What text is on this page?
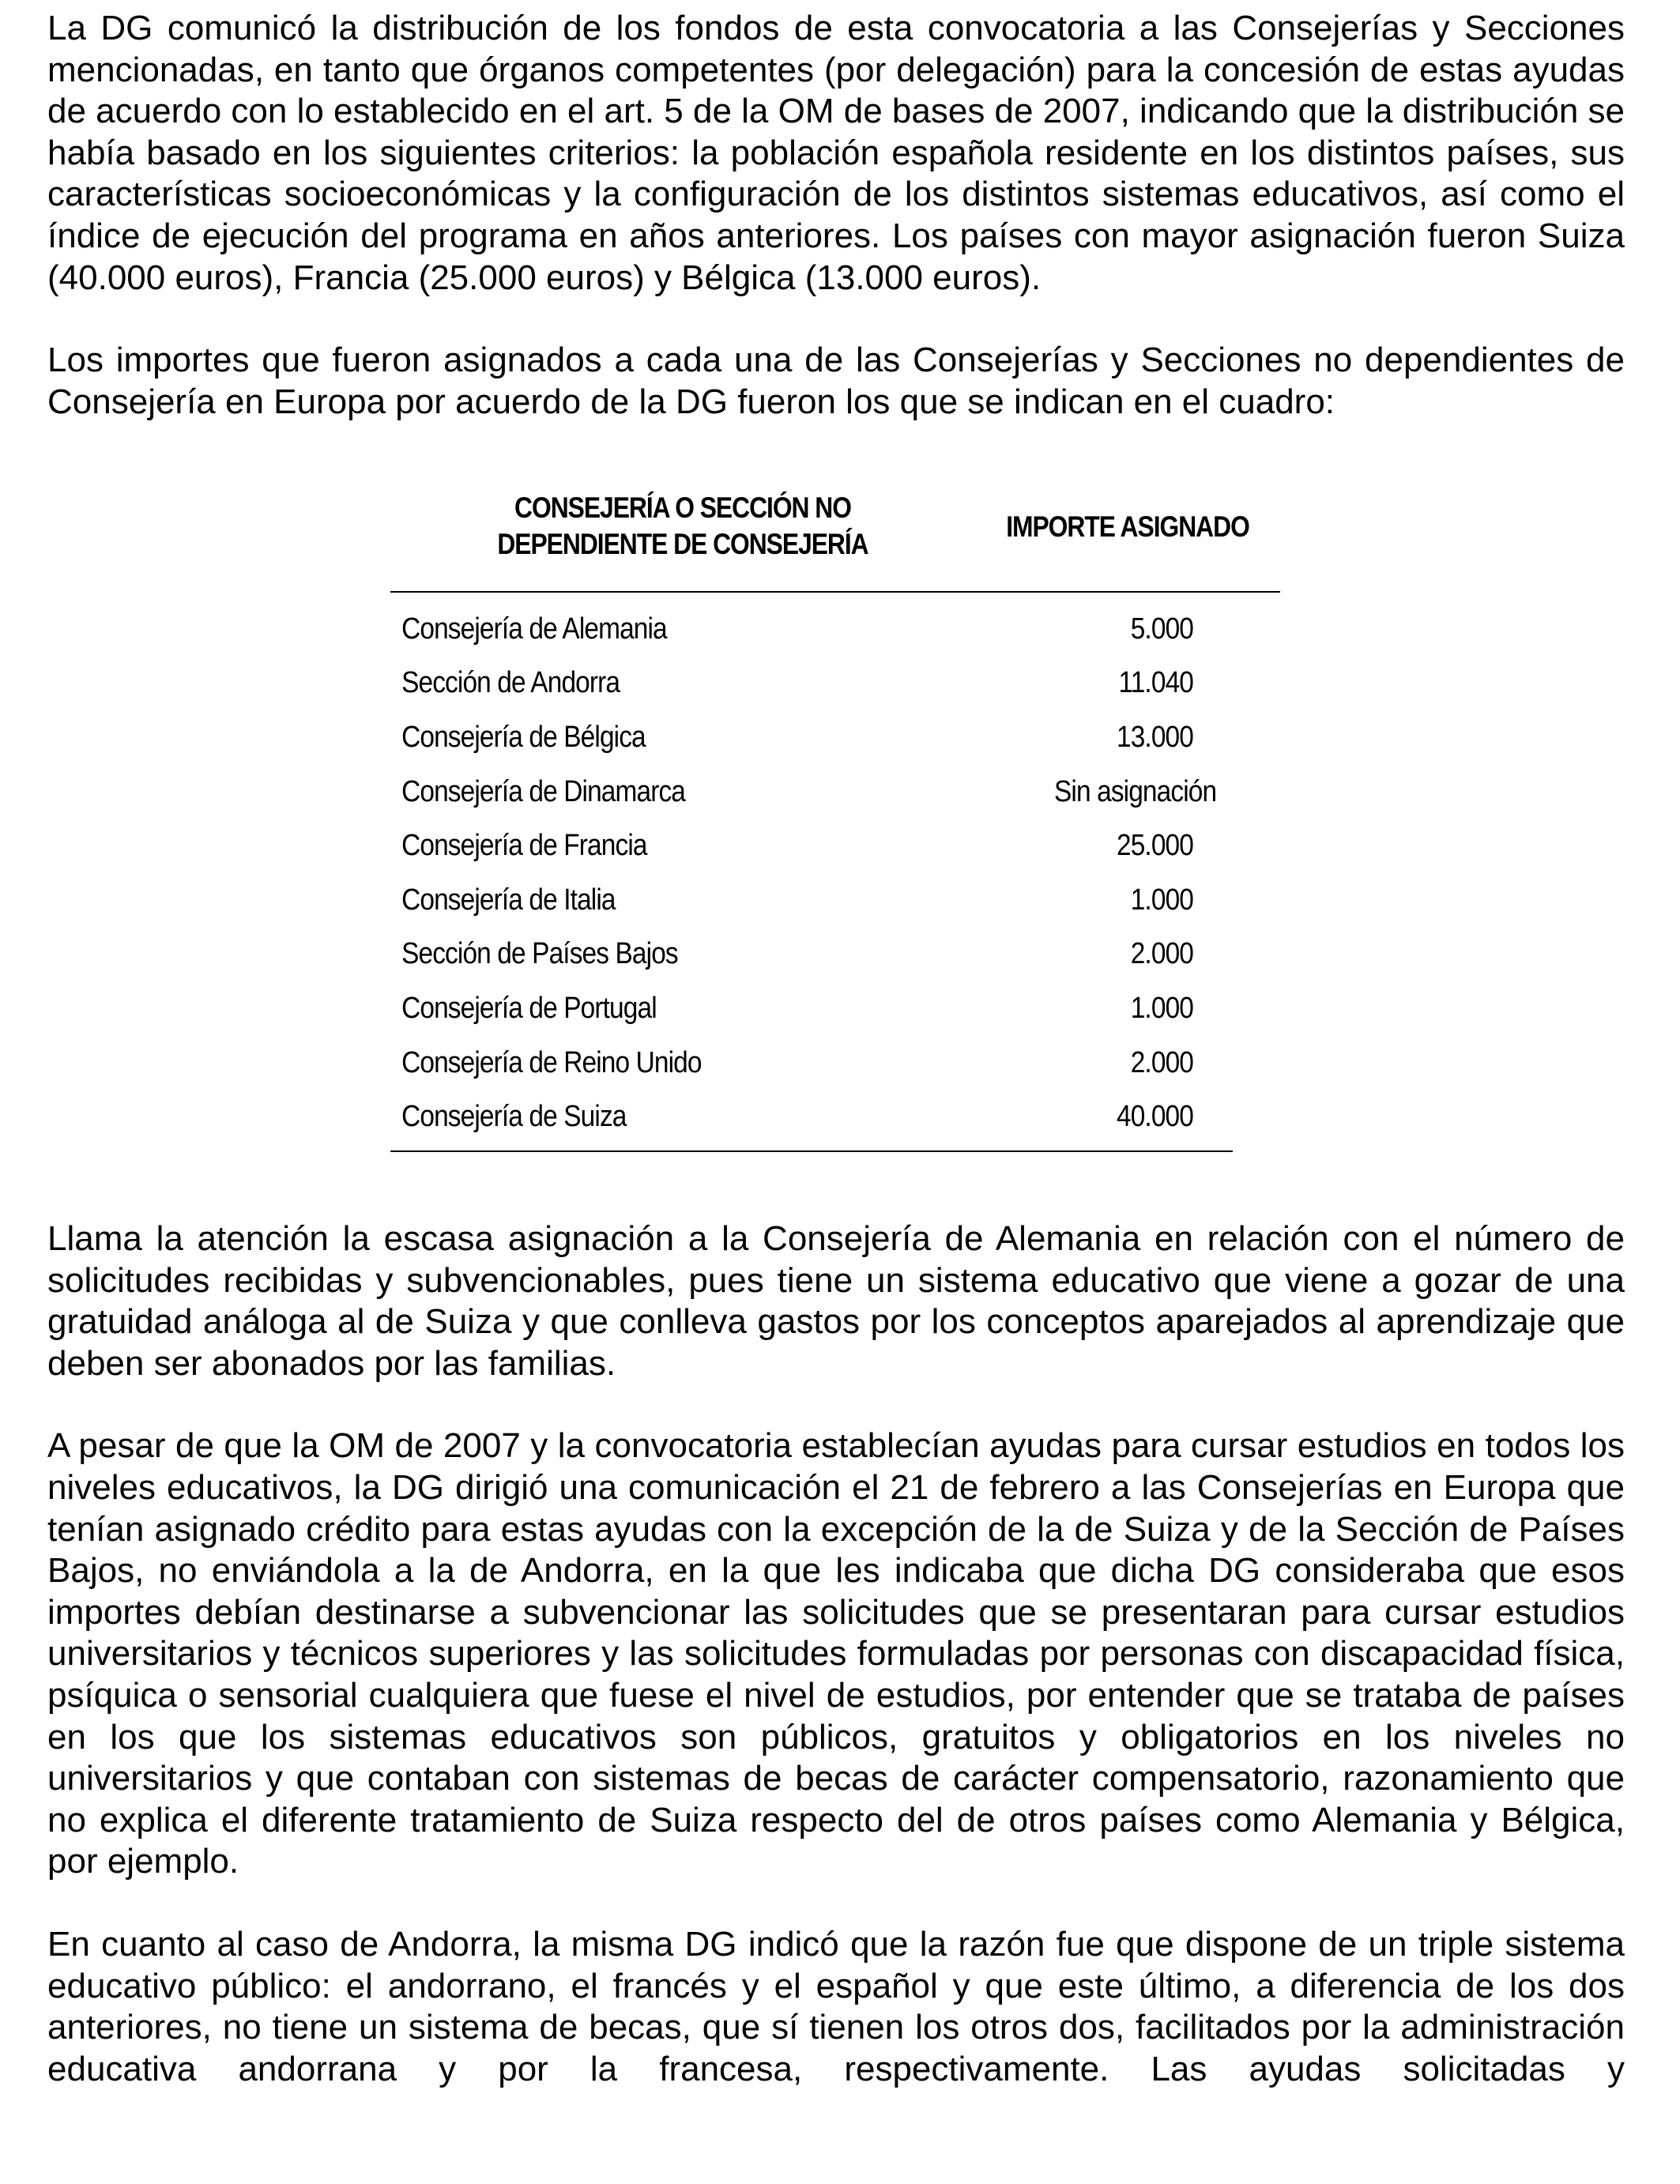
La DG comunicó la distribución de los fondos de esta convocatoria a las Consejerías y Secciones mencionadas, en tanto que órganos competentes (por delegación) para la concesión de estas ayudas de acuerdo con lo establecido en el art. 5 de la OM de bases de 2007, indicando que la distribución se había basado en los siguientes criterios: la población española residente en los distintos países, sus características socioeconómicas y la configuración de los distintos sistemas educativos, así como el índice de ejecución del programa en años anteriores. Los países con mayor asignación fueron Suiza (40.000 euros), Francia (25.000 euros) y Bélgica (13.000 euros).

Los importes que fueron asignados a cada una de las Consejerías y Secciones no dependientes de Consejería en Europa por acuerdo de la DG fueron los que se indican en el cuadro:

CONSEJERÍA O SECCIÓN NO
DEPENDIENTE DE CONSEJERÍA
IMPORTE ASIGNADO
Consejería de Alemania	5.000
Sección de Andorra	11.040
Consejería de Bélgica	13.000
Consejería de Dinamarca	Sin asignación
Consejería de Francia	25.000
Consejería de Italia	1.000
Sección de Países Bajos	2.000
Consejería de Portugal	1.000
Consejería de Reino Unido	2.000
Consejería de Suiza	40.000

Llama la atención la escasa asignación a la Consejería de Alemania en relación con el número de solicitudes recibidas y subvencionables, pues tiene un sistema educativo que viene a gozar de una gratuidad análoga al de Suiza y que conlleva gastos por los conceptos aparejados al aprendizaje que deben ser abonados por las familias.

A pesar de que la OM de 2007 y la convocatoria establecían ayudas para cursar estudios en todos los niveles educativos, la DG dirigió una comunicación el 21 de febrero a las Consejerías en Europa que tenían asignado crédito para estas ayudas con la excepción de la de Suiza y de la Sección de Países Bajos, no enviándola a la de Andorra, en la que les indicaba que dicha DG consideraba que esos importes debían destinarse a subvencionar las solicitudes que se presentaran para cursar estudios universitarios y técnicos superiores y las solicitudes formuladas por personas con discapacidad física, psíquica o sensorial cualquiera que fuese el nivel de estudios, por entender que se trataba de países en los que los sistemas educativos son públicos, gratuitos y obligatorios en los niveles no universitarios y que contaban con sistemas de becas de carácter compensatorio, razonamiento que no explica el diferente tratamiento de Suiza respecto del de otros países como Alemania y Bélgica, por ejemplo.

En cuanto al caso de Andorra, la misma DG indicó que la razón fue que dispone de un triple sistema educativo público: el andorrano, el francés y el español y que este último, a diferencia de los dos anteriores, no tiene un sistema de becas, que sí tienen los otros dos, facilitados por la administración educativa andorrana y por la francesa, respectivamente. Las ayudas solicitadas y
